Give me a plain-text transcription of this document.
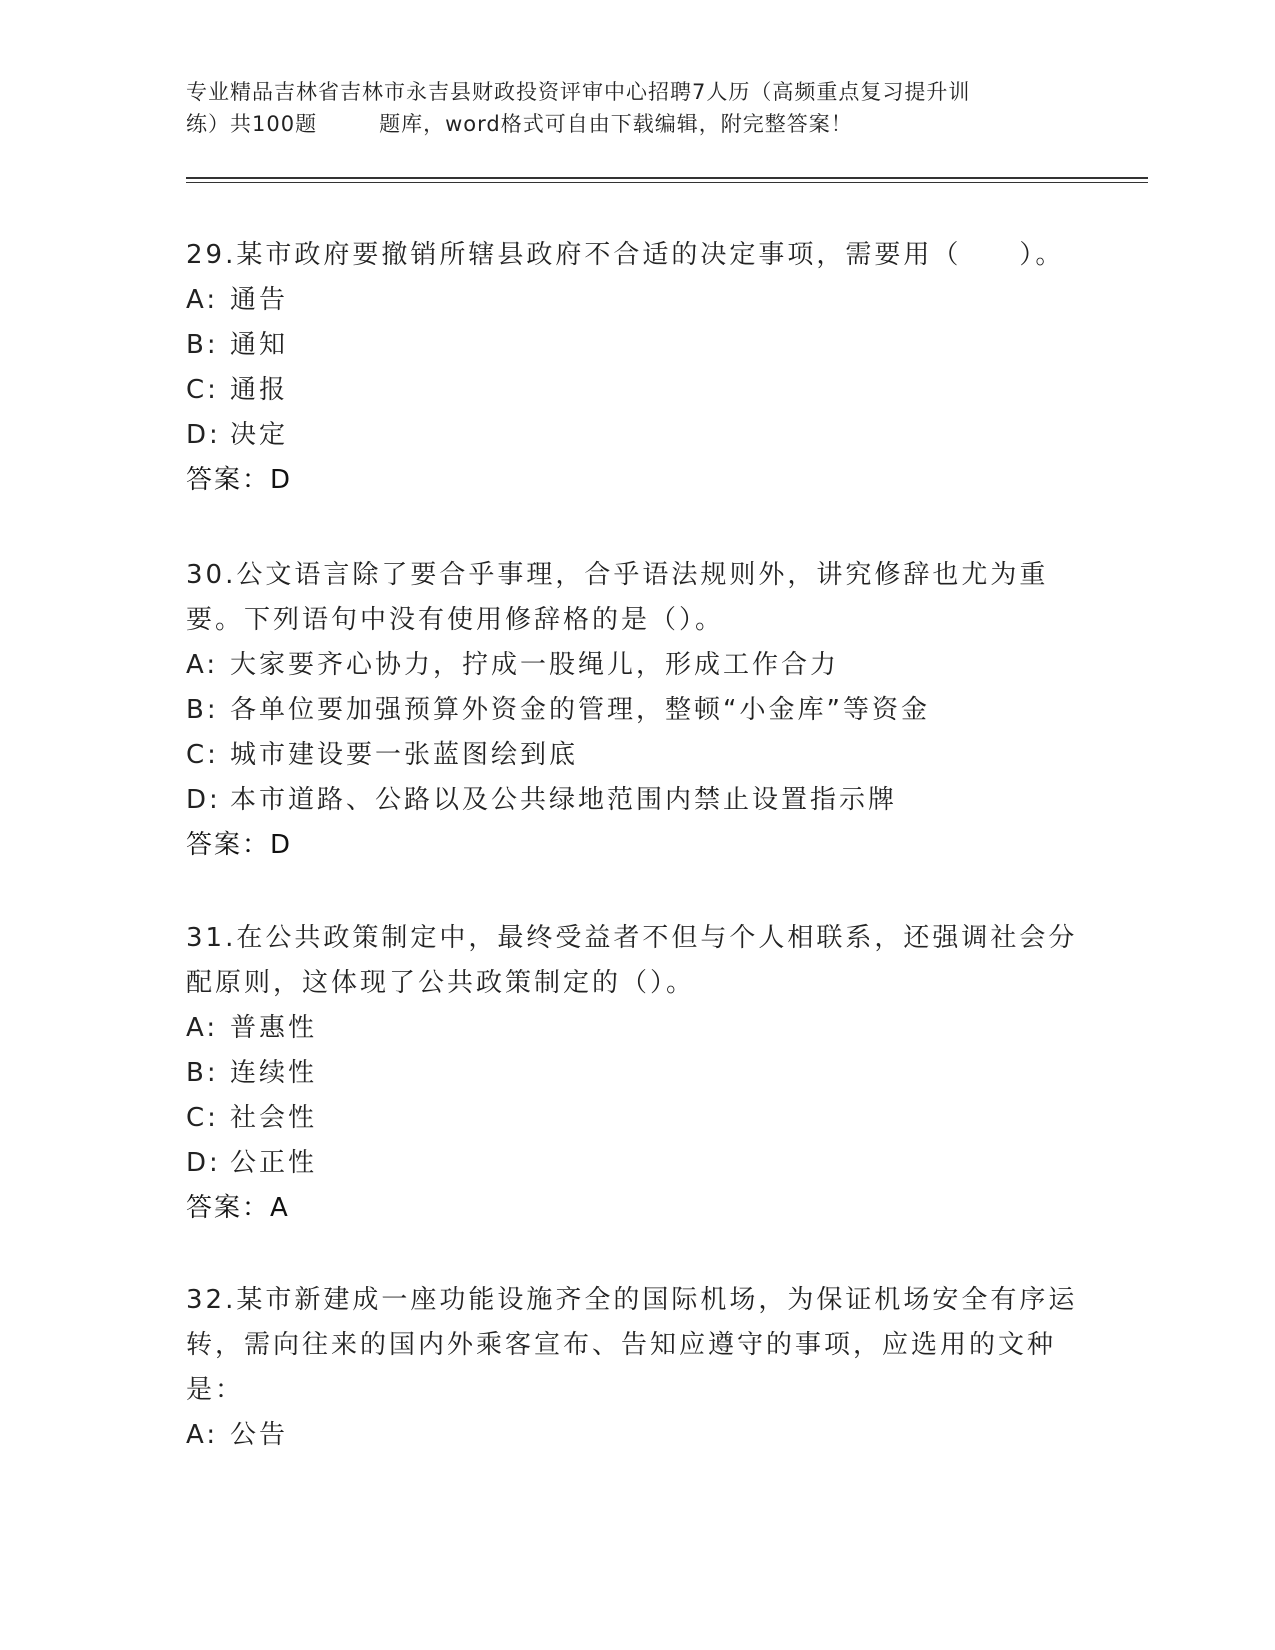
专业精品吉林省吉林市永吉县财政投资评审中心招聘7人历（高频重点复习提升训
练）共100题	题库，word格式可自由下载编辑，附完整答案！

29.某市政府要撤销所辖县政府不合适的决定事项，需要用（　　）。

A: 通告

B: 通知

C: 通报

D: 决定

答案：D

30.公文语言除了要合乎事理，合乎语法规则外，讲究修辞也尤为重要。下列语句中没有使用修辞格的是（）。

A: 大家要齐心协力，拧成一股绳儿，形成工作合力

B: 各单位要加强预算外资金的管理，整顿“小金库”等资金

C: 城市建设要一张蓝图绘到底

D: 本市道路、公路以及公共绿地范围内禁止设置指示牌

答案：D

31.在公共政策制定中，最终受益者不但与个人相联系，还强调社会分配原则，这体现了公共政策制定的（）。

A: 普惠性

B: 连续性

C: 社会性

D: 公正性

答案：A

32.某市新建成一座功能设施齐全的国际机场，为保证机场安全有序运转，需向往来的国内外乘客宣布、告知应遵守的事项，应选用的文种是：

A: 公告
